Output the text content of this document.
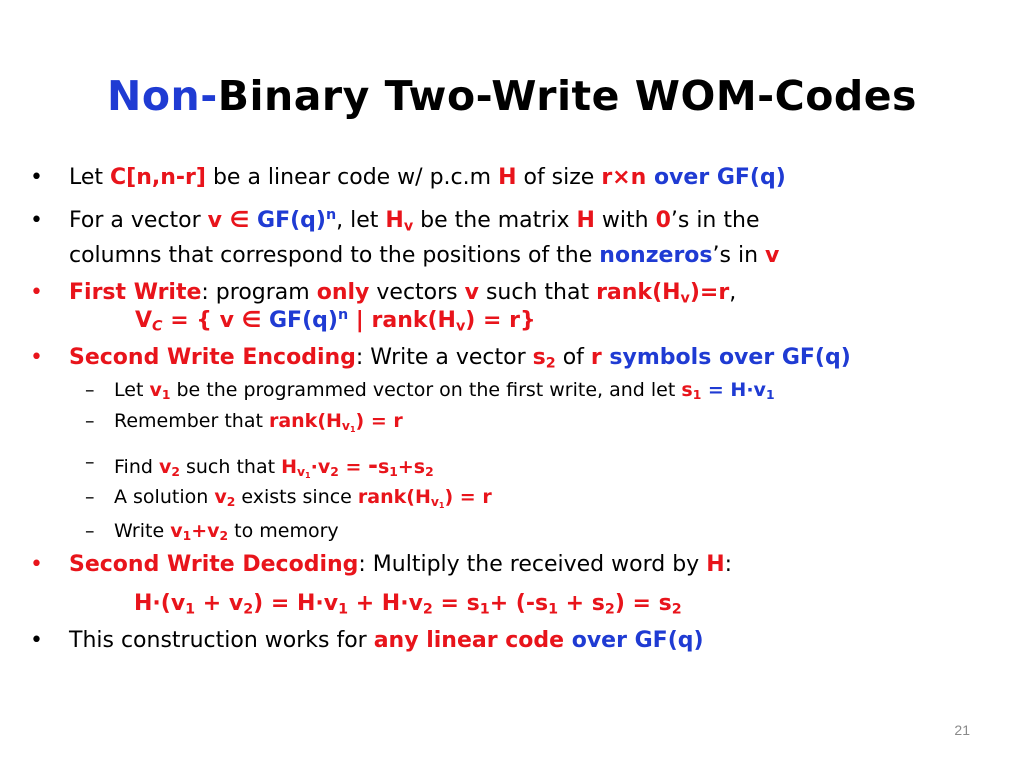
Non-Binary Two-Write WOM-Codes
• Let C[n,n-r] be a linear code w/ p.c.m H of size r×n over GF(q)
• For a vector v ∈ $GF(q)^n$, let $H_v$ be the matrix H with 0’s in the
columns that correspond to the positions of the nonzeros’s in v
• First Write: program only vectors v such that $rank(H_v)=r$,
$V_C$ = { v ∈ $GF(q)^n$ | $rank(H_v) = r$}
• Second Write Encoding: Write a vector $s_2$ of r symbols over GF(q)
– Let $v_1$ be the programmed vector on the first write, and let $s_1 = H\cdot v_1$
– Remember that $rank(H_{v_1}) = r$
– Find $v_2$ such that $H_{v_1}\cdot v_2 = -s_1+s_2$
– A solution $v_2$ exists since $rank(H_{v_1}) = r$
– Write $v_1+v_2$ to memory
• Second Write Decoding: Multiply the received word by H:
$H\cdot(v_1 + v_2) = H\cdot v_1 + H\cdot v_2 = s_1+ (-s_1 + s_2) = s_2$
• This construction works for any linear code over GF(q)
21
